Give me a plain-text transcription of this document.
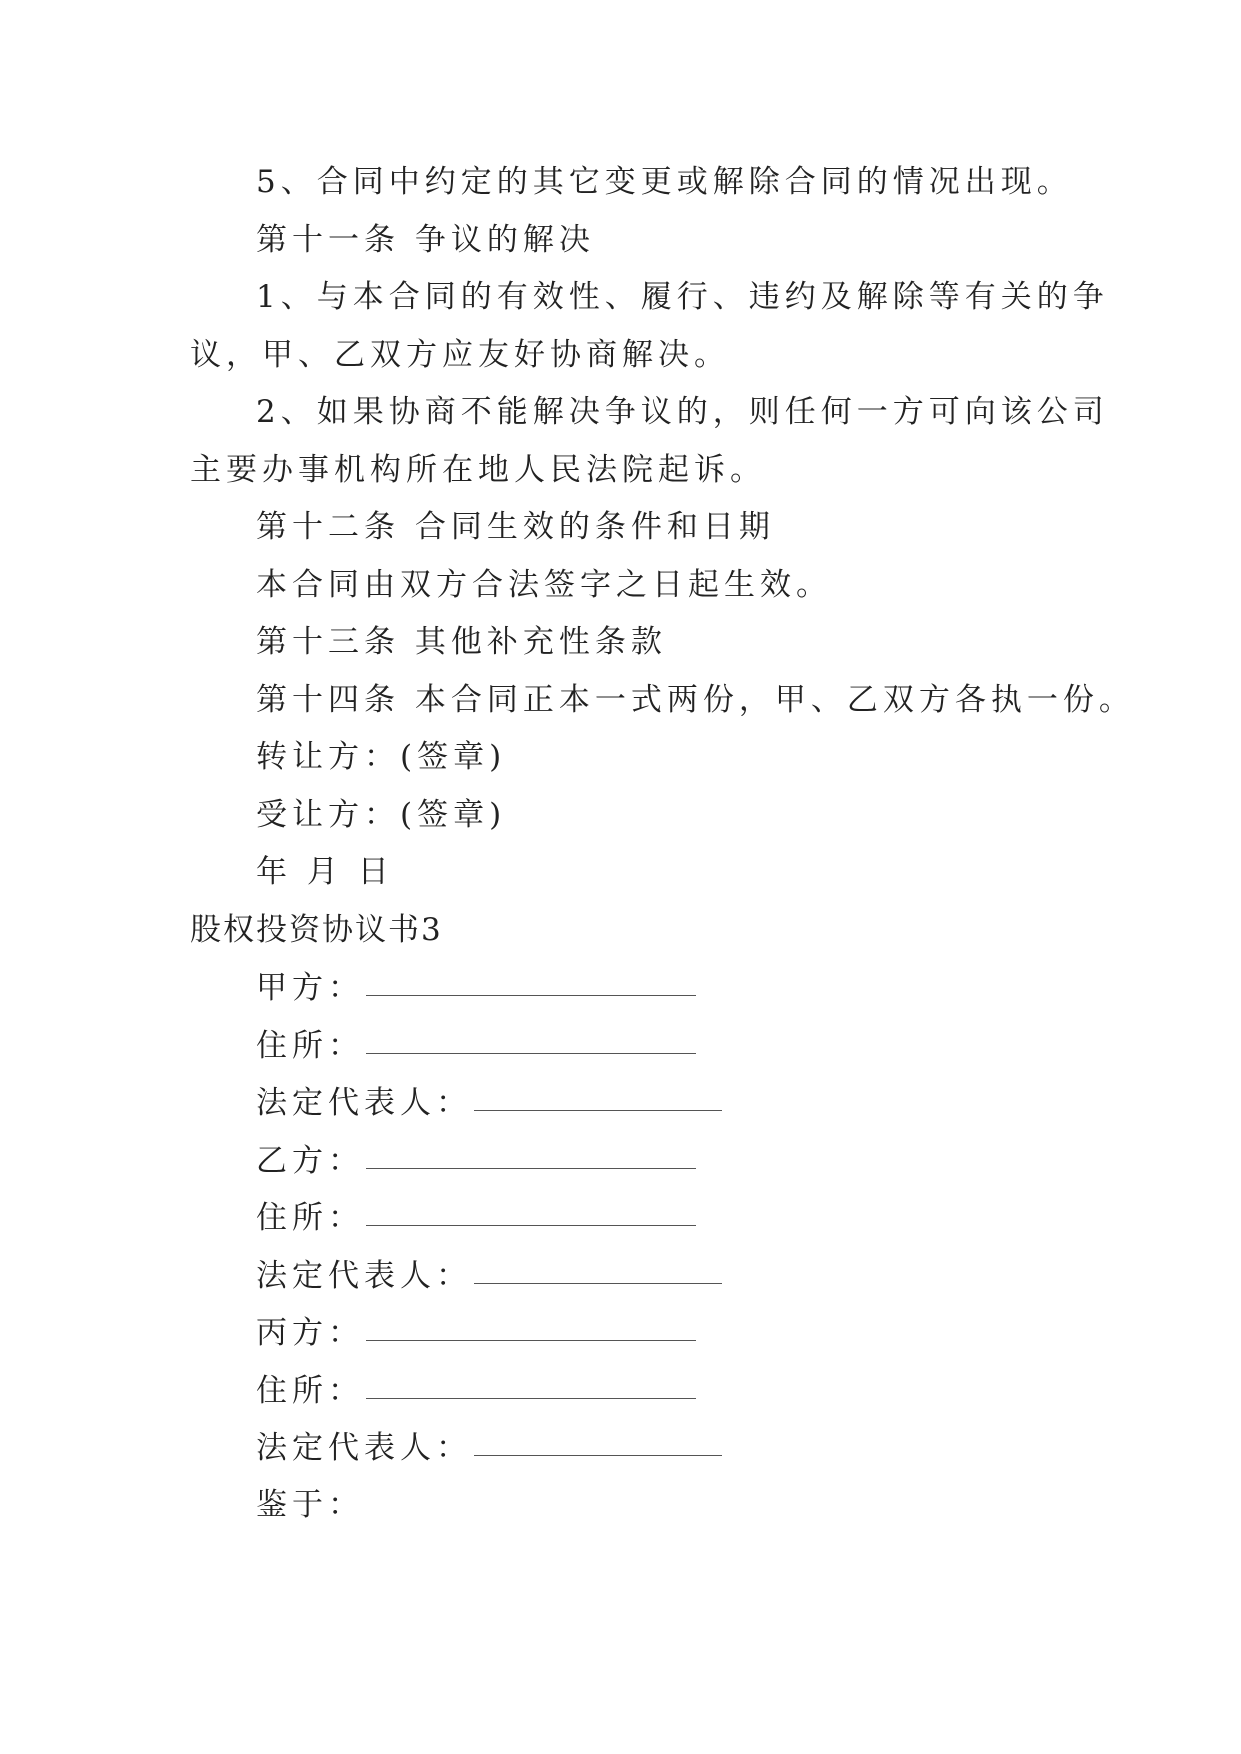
5、合同中约定的其它变更或解除合同的情况出现。
第十一条 争议的解决
1、与本合同的有效性、履行、违约及解除等有关的争
议，甲、乙双方应友好协商解决。
2、如果协商不能解决争议的，则任何一方可向该公司
主要办事机构所在地人民法院起诉。
第十二条 合同生效的条件和日期
本合同由双方合法签字之日起生效。
第十三条 其他补充性条款
第十四条 本合同正本一式两份，甲、乙双方各执一份。
转让方：(签章)
受让方：(签章)
年 月 日
股权投资协议书3
甲方：
住所：
法定代表人：
乙方：
住所：
法定代表人：
丙方：
住所：
法定代表人：
鉴于：
